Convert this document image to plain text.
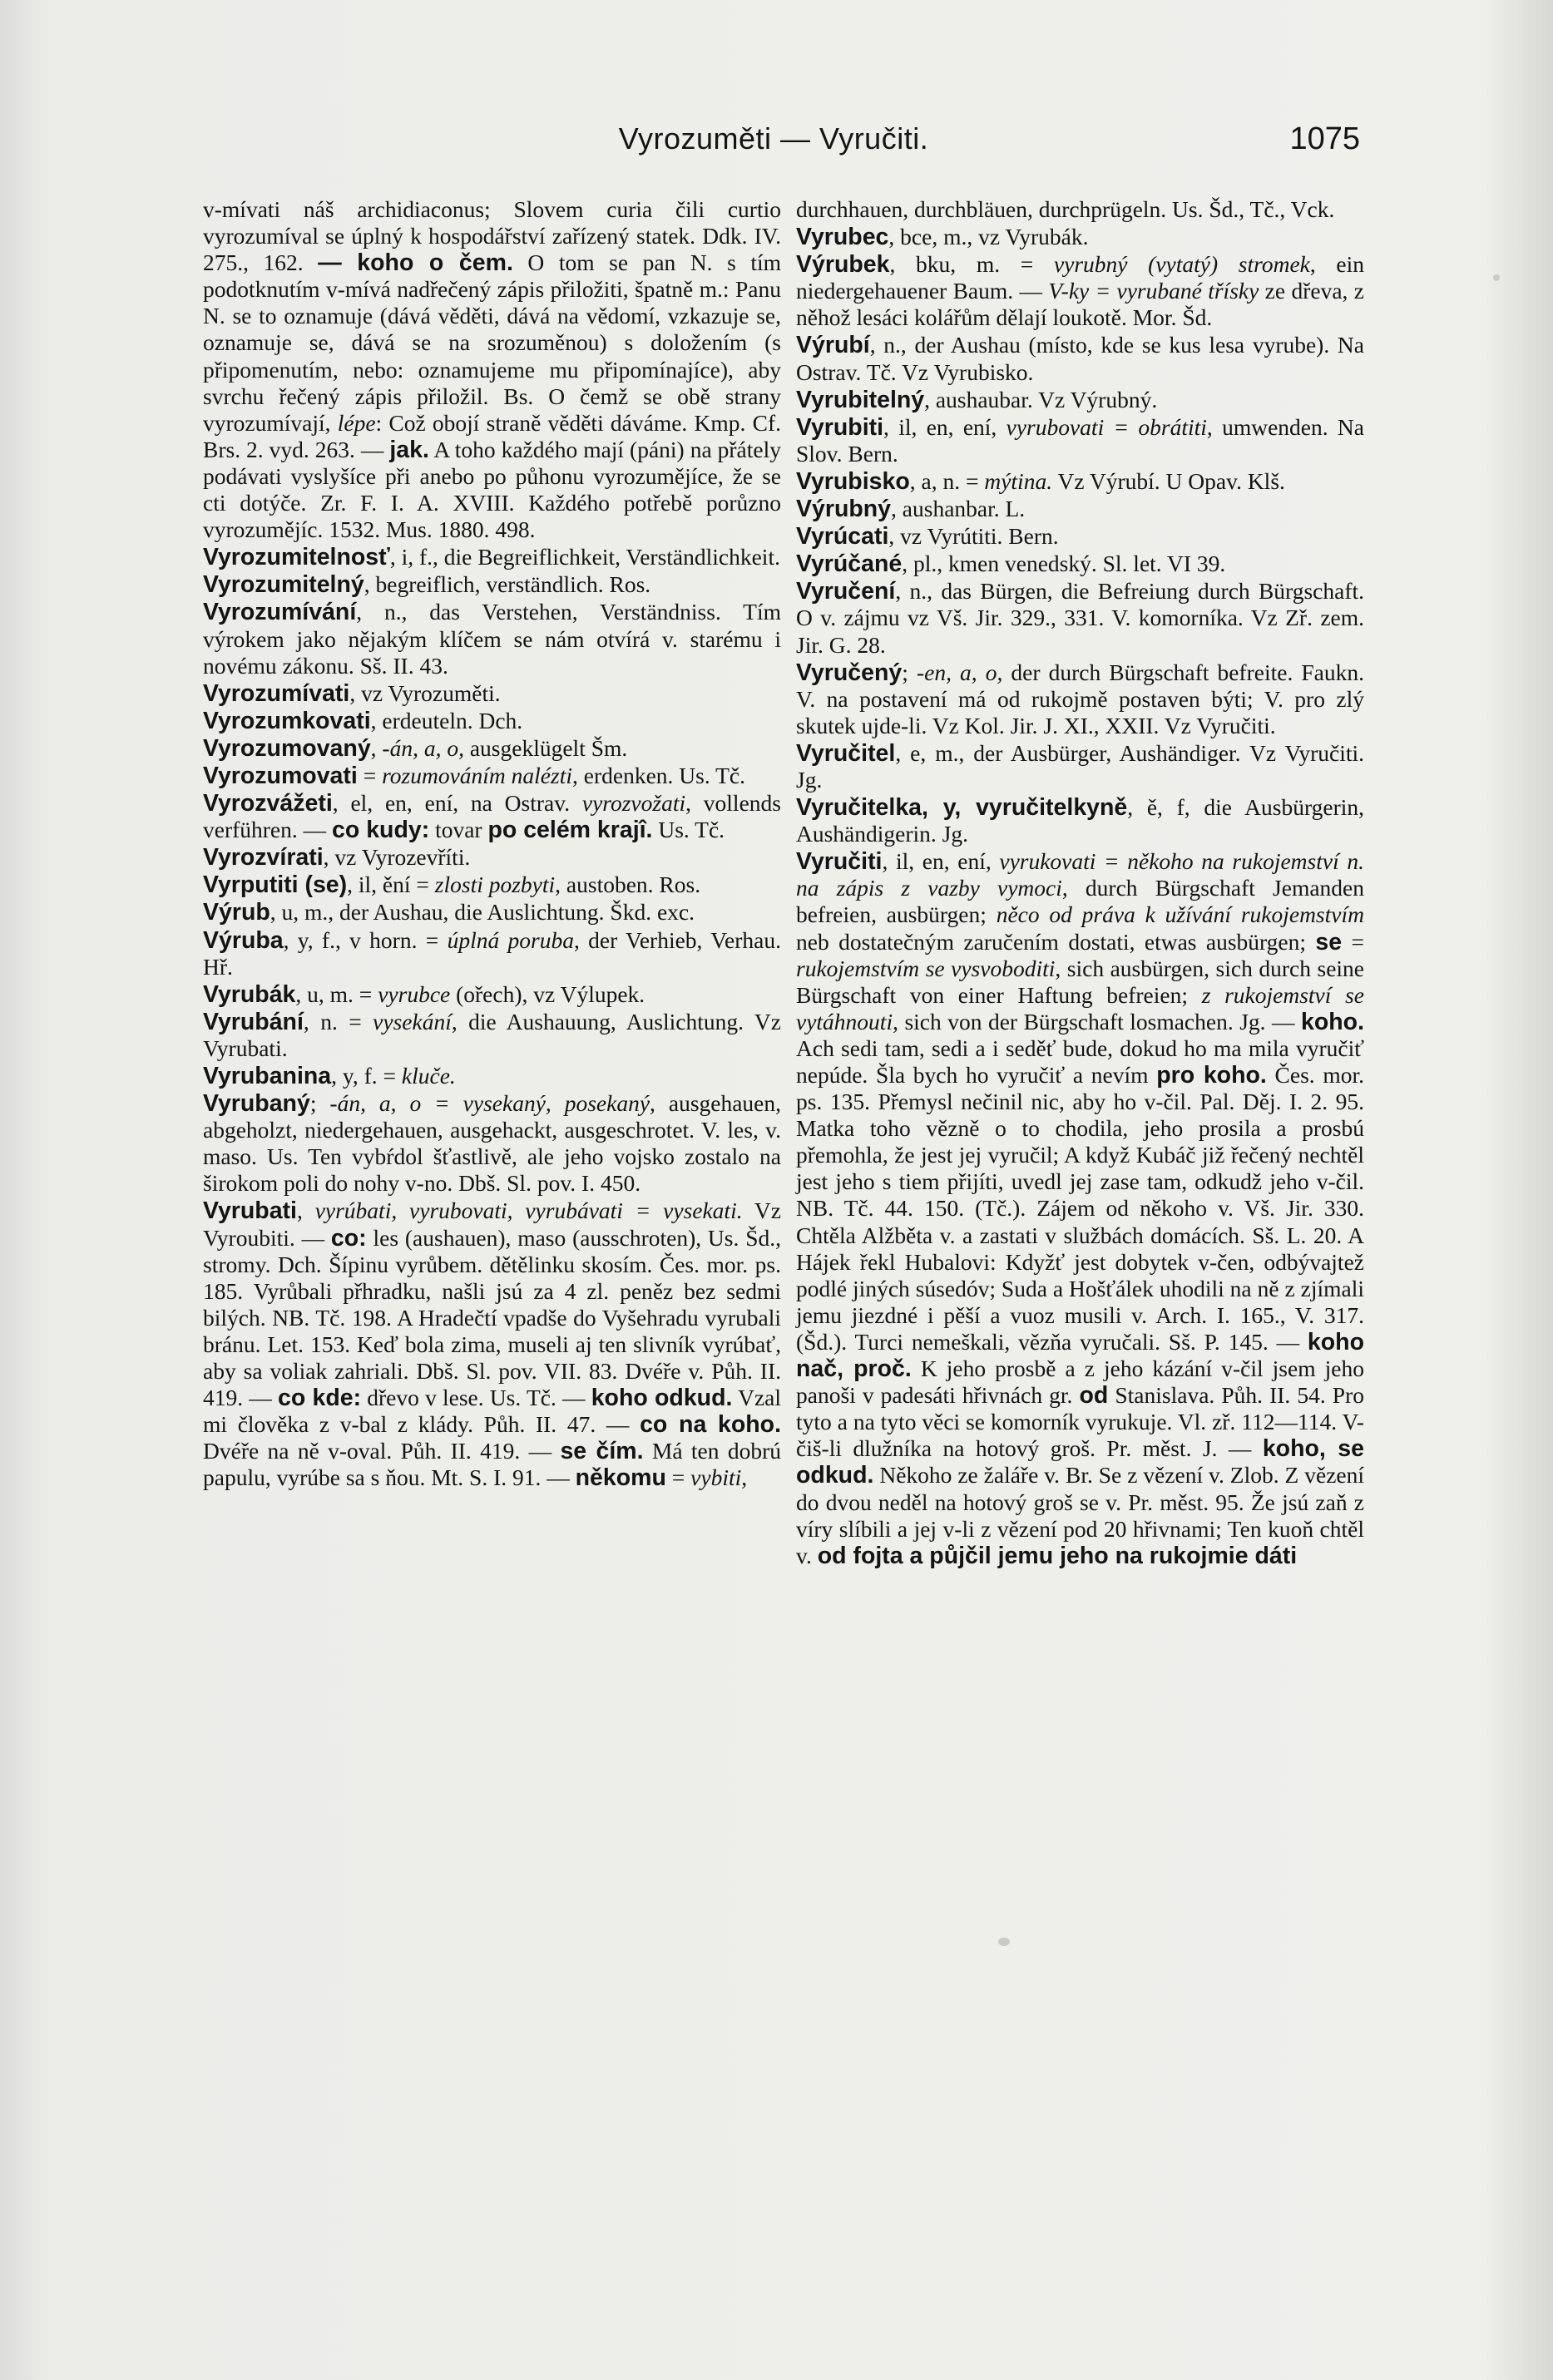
Vyrozuměti — Vyručiti.	1075

v-mívati náš archidiaconus; Slovem curia čili curtio vyrozumíval se úplný k hospodářství zařízený statek. Ddk. IV. 275., 162. — koho o čem. O tom se pan N. s tím podotknutím v-mívá nadřečený zápis přiložiti, špatně m.: Panu N. se to oznamuje (dává věděti, dává na vědomí, vzkazuje se, oznamuje se, dává se na srozuměnou) s doložením (s připomenutím, nebo: oznamujeme mu připomínajíce), aby svrchu řečený zápis přiložil. Bs. O čemž se obě strany vyrozumívají, lépe: Což obojí straně věděti dáváme. Kmp. Cf. Brs. 2. vyd. 263. — jak. A toho každého mají (páni) na přátely podávati vyslyšíce při anebo po půhonu vyrozumějíce, že se cti dotýče. Zr. F. I. A. XVIII. Každého potřebě porůzno vyrozumějíc. 1532. Mus. 1880. 498.

Vyrozumitelnosť, i, f., die Begreiflichkeit, Verständlichkeit.

Vyrozumitelný, begreiflich, verständlich. Ros.

Vyrozumívání, n., das Verstehen, Verständniss. Tím výrokem jako nějakým klíčem se nám otvírá v. starému i novému zákonu. Sš. II. 43.

Vyrozumívati, vz Vyrozuměti.

Vyrozumkovati, erdeuteln. Dch.

Vyrozumovaný, -án, a, o, ausgeklügelt Šm.

Vyrozumovati = rozumováním nalézti, erdenken. Us. Tč.

Vyrozvážeti, el, en, ení, na Ostrav. vyrozvožati, vollends verführen. — co kudy: tovar po celém krajî. Us. Tč.

Vyrozvírati, vz Vyrozevříti.

Vyrputiti (se), il, ění = zlosti pozbyti, austoben. Ros.

Výrub, u, m., der Aushau, die Auslichtung. Škd. exc.

Výruba, y, f., v horn. = úplná poruba, der Verhieb, Verhau. Hř.

Vyrubák, u, m. = vyrubce (ořech), vz Výlupek.

Vyrubání, n. = vysekání, die Aushauung, Auslichtung. Vz Vyrubati.

Vyrubanina, y, f. = kluče.

Vyrubaný; -án, a, o = vysekaný, posekaný, ausgehauen, abgeholzt, niedergehauen, ausgehackt, ausgeschrotet. V. les, v. maso. Us. Ten vybŕdol šťastlivě, ale jeho vojsko zostalo na širokom poli do nohy v-no. Dbš. Sl. pov. I. 450.

Vyrubati, vyrúbati, vyrubovati, vyrubávati = vysekati. Vz Vyroubiti. — co: les (aushauen), maso (ausschroten), Us. Šd., stromy. Dch. Šípinu vyrůbem. dětělinku skosím. Čes. mor. ps. 185. Vyrůbali přhradku, našli jsú za 4 zl. peněz bez sedmi bilých. NB. Tč. 198. A Hradečtí vpadše do Vyšehradu vyrubali bránu. Let. 153. Keď bola zima, museli aj ten slivník vyrúbať, aby sa voliak zahriali. Dbš. Sl. pov. VII. 83. Dvéře v. Půh. II. 419. — co kde: dřevo v lese. Us. Tč. — koho odkud. Vzal mi člověka z v-bal z klády. Půh. II. 47. — co na koho. Dvéře na ně v-oval. Půh. II. 419. — se čím. Má ten dobrú papulu, vyrúbe sa s ňou. Mt. S. I. 91. — někomu = vybiti,

durchhauen, durchbläuen, durchprügeln. Us. Šd., Tč., Vck.

Vyrubec, bce, m., vz Vyrubák.

Výrubek, bku, m. = vyrubný (vytatý) stromek, ein niedergehauener Baum. — V-ky = vyrubané třísky ze dřeva, z něhož lesáci kolářům dělají loukotě. Mor. Šd.

Výrubí, n., der Aushau (místo, kde se kus lesa vyrube). Na Ostrav. Tč. Vz Vyrubisko.

Vyrubitelný, aushaubar. Vz Výrubný.

Vyrubiti, il, en, ení, vyrubovati = obrátiti, umwenden. Na Slov. Bern.

Vyrubisko, a, n. = mýtina. Vz Výrubí. U Opav. Klš.

Výrubný, aushanbar. L.

Vyrúcati, vz Vyrútiti. Bern.

Vyrúčané, pl., kmen venedský. Sl. let. VI 39.

Vyručení, n., das Bürgen, die Befreiung durch Bürgschaft. O v. zájmu vz Vš. Jir. 329., 331. V. komorníka. Vz Zř. zem. Jir. G. 28.

Vyručený; -en, a, o, der durch Bürgschaft befreite. Faukn. V. na postavení má od rukojmě postaven býti; V. pro zlý skutek ujde-li. Vz Kol. Jir. J. XI., XXII. Vz Vyručiti.

Vyručitel, e, m., der Ausbürger, Aushändiger. Vz Vyručiti. Jg.

Vyručitelka, y, vyručitelkyně, ě, f, die Ausbürgerin, Aushändigerin. Jg.

Vyručiti, il, en, ení, vyrukovati = někoho na rukojemství n. na zápis z vazby vymoci, durch Bürgschaft Jemanden befreien, ausbürgen; něco od práva k užívání rukojemstvím neb dostatečným zaručením dostati, etwas ausbürgen; se = rukojemstvím se vysvoboditi, sich ausbürgen, sich durch seine Bürgschaft von einer Haftung befreien; z rukojemství se vytáhnouti, sich von der Bürgschaft losmachen. Jg. — koho. Ach sedi tam, sedi a i seděť bude, dokud ho ma mila vyručiť nepúde. Šla bych ho vyručiť a nevím pro koho. Čes. mor. ps. 135. Přemysl nečinil nic, aby ho v-čil. Pal. Děj. I. 2. 95. Matka toho vězně o to chodila, jeho prosila a prosbú přemohla, že jest jej vyručil; A když Kubáč již řečený nechtěl jest jeho s tiem přijíti, uvedl jej zase tam, odkudž jeho v-čil. NB. Tč. 44. 150. (Tč.). Zájem od někoho v. Vš. Jir. 330. Chtěla Alžběta v. a zastati v službách domácích. Sš. L. 20. A Hájek řekl Hubalovi: Kdyžť jest dobytek v-čen, odbývajtež podlé jiných súsedóv; Suda a Hošťálek uhodili na ně z zjímali jemu jiezdné i pěší a vuoz musili v. Arch. I. 165., V. 317. (Šd.). Turci nemeškali, vězňa vyručali. Sš. P. 145. — koho nač, proč. K jeho prosbě a z jeho kázání v-čil jsem jeho panoši v padesáti hřivnách gr. od Stanislava. Půh. II. 54. Pro tyto a na tyto věci se komorník vyrukuje. Vl. zř. 112—114. V-čiš-li dlužníka na hotový groš. Pr. měst. J. — koho, se odkud. Někoho ze žaláře v. Br. Se z vězení v. Zlob. Z vězení do dvou neděl na hotový groš se v. Pr. měst. 95. Že jsú zaň z víry slíbili a jej v-li z vězení pod 20 hřivnami; Ten kuoň chtěl v. od fojta a půjčil jemu jeho na rukojmie dáti
